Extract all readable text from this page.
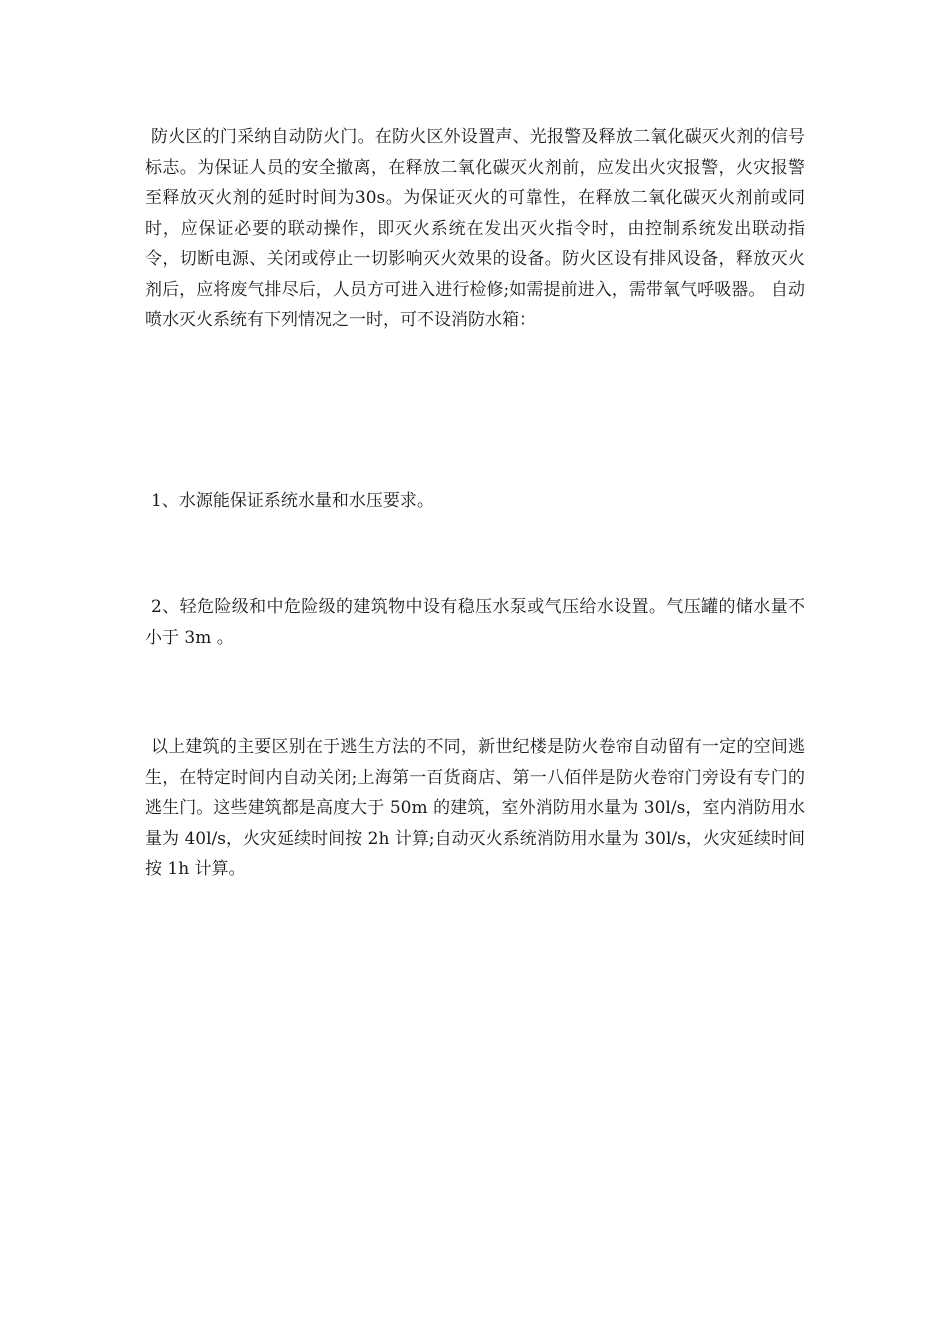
防火区的门采纳自动防火门。在防火区外设置声、光报警及释放二氧化碳灭火剂的信号标志。为保证人员的安全撤离，在释放二氧化碳灭火剂前，应发出火灾报警，火灾报警至释放灭火剂的延时时间为30s。为保证灭火的可靠性，在释放二氧化碳灭火剂前或同时，应保证必要的联动操作，即灭火系统在发出灭火指令时，由控制系统发出联动指令，切断电源、关闭或停止一切影响灭火效果的设备。防火区设有排风设备，释放灭火剂后，应将废气排尽后，人员方可进入进行检修;如需提前进入，需带氧气呼吸器。 自动喷水灭火系统有下列情况之一时，可不设消防水箱：

1、水源能保证系统水量和水压要求。

2、轻危险级和中危险级的建筑物中设有稳压水泵或气压给水设置。气压罐的储水量不小于 3m 。

以上建筑的主要区别在于逃生方法的不同，新世纪楼是防火卷帘自动留有一定的空间逃生，在特定时间内自动关闭;上海第一百货商店、第一八佰伴是防火卷帘门旁设有专门的逃生门。这些建筑都是高度大于 50m 的建筑，室外消防用水量为 30l/s，室内消防用水量为 40l/s，火灾延续时间按 2h 计算;自动灭火系统消防用水量为 30l/s，火灾延续时间按 1h 计算。
